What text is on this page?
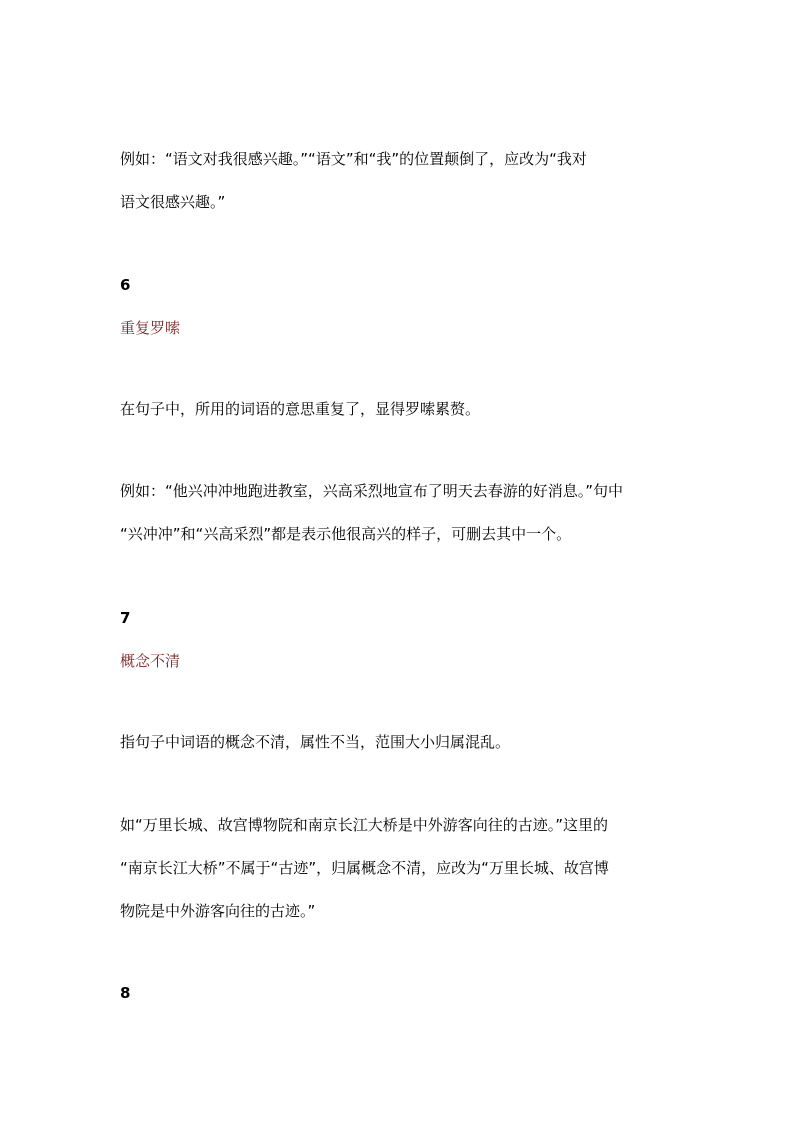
例如：“语文对我很感兴趣。”“语文”和“我”的位置颠倒了，应改为“我对
语文很感兴趣。”

6

重复罗嗦

在句子中，所用的词语的意思重复了，显得罗嗦累赘。

例如：“他兴冲冲地跑进教室，兴高采烈地宣布了明天去春游的好消息。”句中
“兴冲冲”和“兴高采烈”都是表示他很高兴的样子，可删去其中一个。

7

概念不清

指句子中词语的概念不清，属性不当，范围大小归属混乱。

如“万里长城、故宫博物院和南京长江大桥是中外游客向往的古迹。”这里的
“南京长江大桥”不属于“古迹”，归属概念不清，应改为“万里长城、故宫博
物院是中外游客向往的古迹。”

8
